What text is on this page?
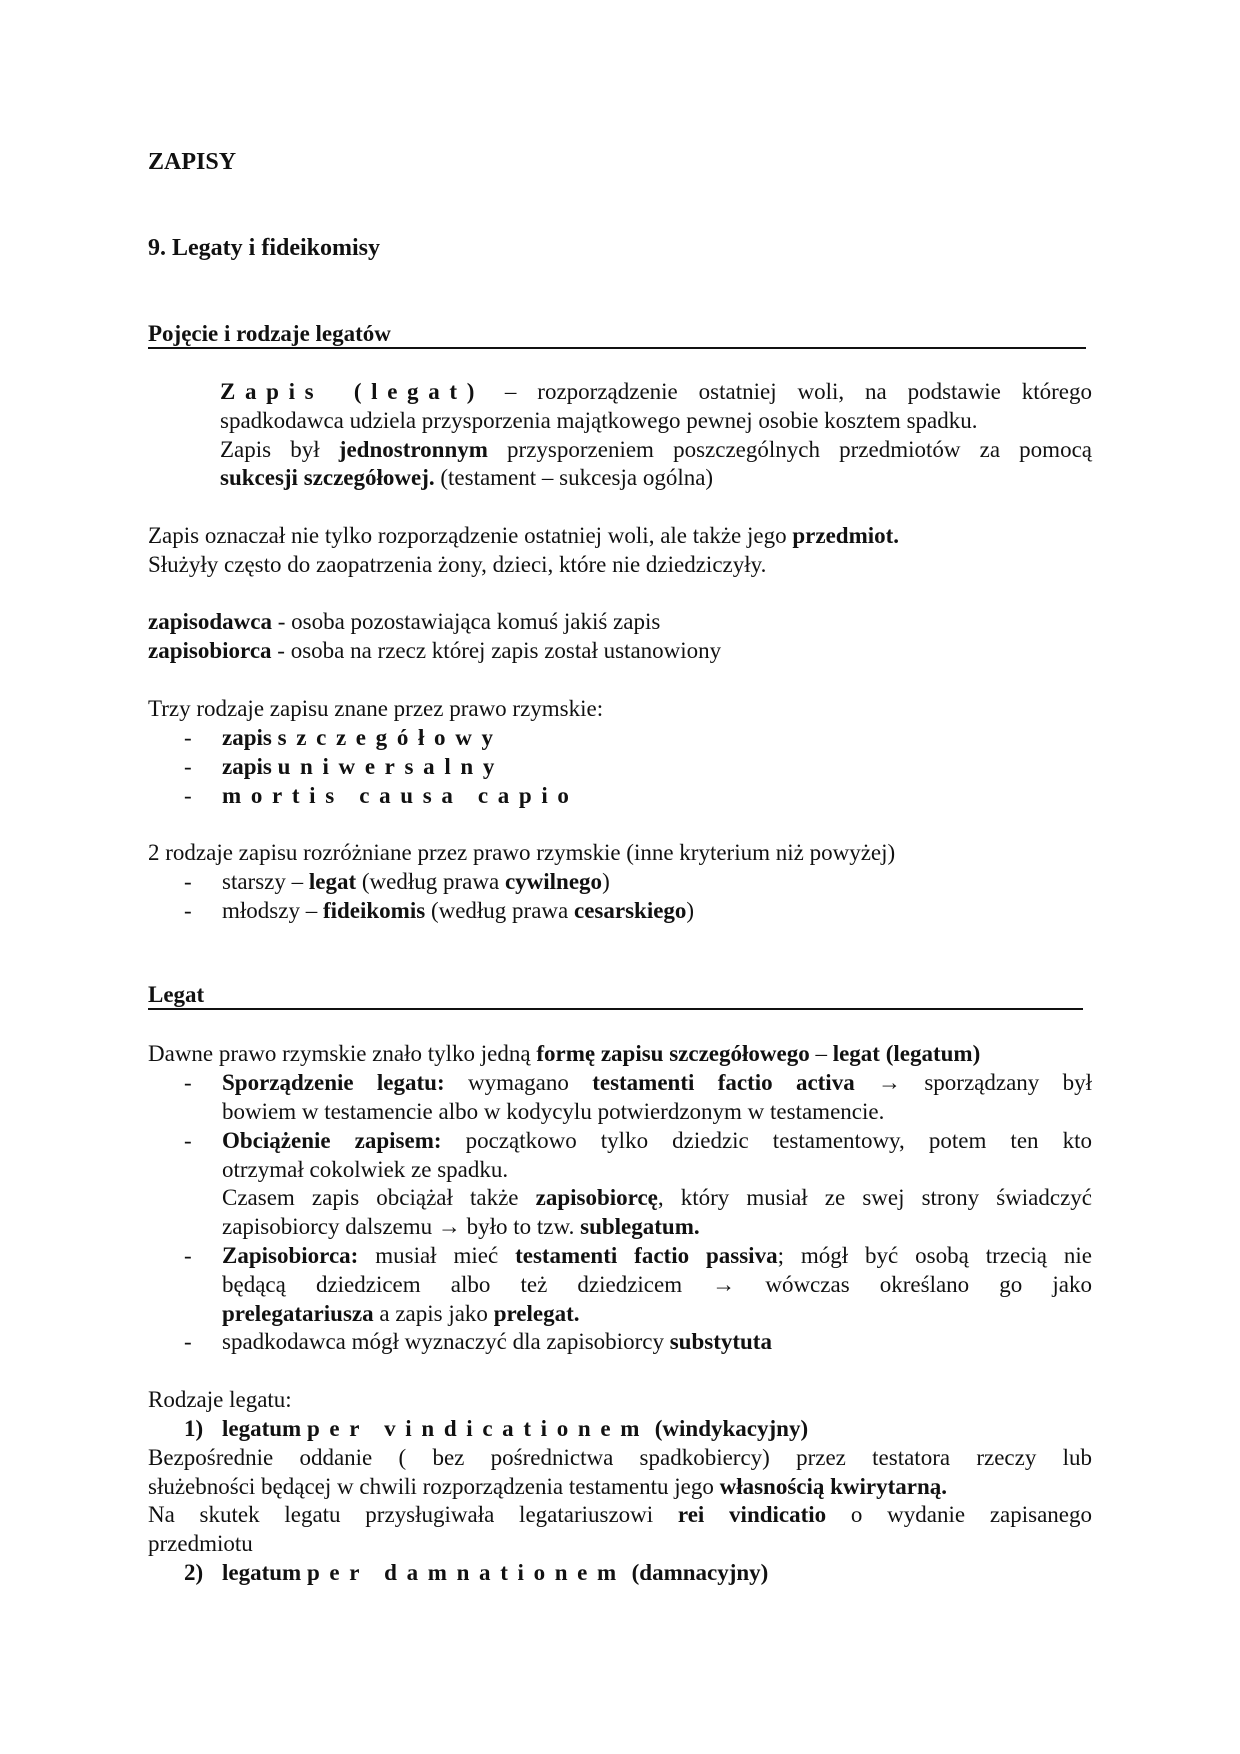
ZAPISY
9. Legaty i fideikomisy
Pojęcie i rodzaje legatów
Zapis (legat) – rozporządzenie ostatniej woli, na podstawie którego
spadkodawca udziela przysporzenia majątkowego pewnej osobie kosztem spadku.
Zapis był jednostronnym przysporzeniem poszczególnych przedmiotów za pomocą
sukcesji szczegółowej. (testament – sukcesja ogólna)
Zapis oznaczał nie tylko rozporządzenie ostatniej woli, ale także jego przedmiot.
Służyły często do zaopatrzenia żony, dzieci, które nie dziedziczyły.
zapisodawca - osoba pozostawiająca komuś jakiś zapis
zapisobiorca - osoba na rzecz której zapis został ustanowiony
Trzy rodzaje zapisu znane przez prawo rzymskie:
- zapis szczegółowy
- zapis uniwersalny
- mortis causa capio
2 rodzaje zapisu rozróżniane przez prawo rzymskie (inne kryterium niż powyżej)
- starszy – legat (według prawa cywilnego)
- młodszy – fideikomis (według prawa cesarskiego)
Legat
Dawne prawo rzymskie znało tylko jedną formę zapisu szczegółowego – legat (legatum)
- Sporządzenie legatu: wymagano testamenti factio activa → sporządzany był
bowiem w testamencie albo w kodycylu potwierdzonym w testamencie.
- Obciążenie zapisem: początkowo tylko dziedzic testamentowy, potem ten kto
otrzymał cokolwiek ze spadku.
Czasem zapis obciążał także zapisobiorcę, który musiał ze swej strony świadczyć
zapisobiorcy dalszemu → było to tzw. sublegatum.
- Zapisobiorca: musiał mieć testamenti factio passiva; mógł być osobą trzecią nie
będącą dziedzicem albo też dziedzicem → wówczas określano go jako
prelegatariusza a zapis jako prelegat.
- spadkodawca mógł wyznaczyć dla zapisobiorcy substytuta
Rodzaje legatu:
1) legatum per vindicationem (windykacyjny)
Bezpośrednie oddanie ( bez pośrednictwa spadkobiercy) przez testatora rzeczy lub
służebności będącej w chwili rozporządzenia testamentu jego własnością kwirytarną.
Na skutek legatu przysługiwała legatariuszowi rei vindicatio o wydanie zapisanego
przedmiotu
2) legatum per damnationem (damnacyjny)
